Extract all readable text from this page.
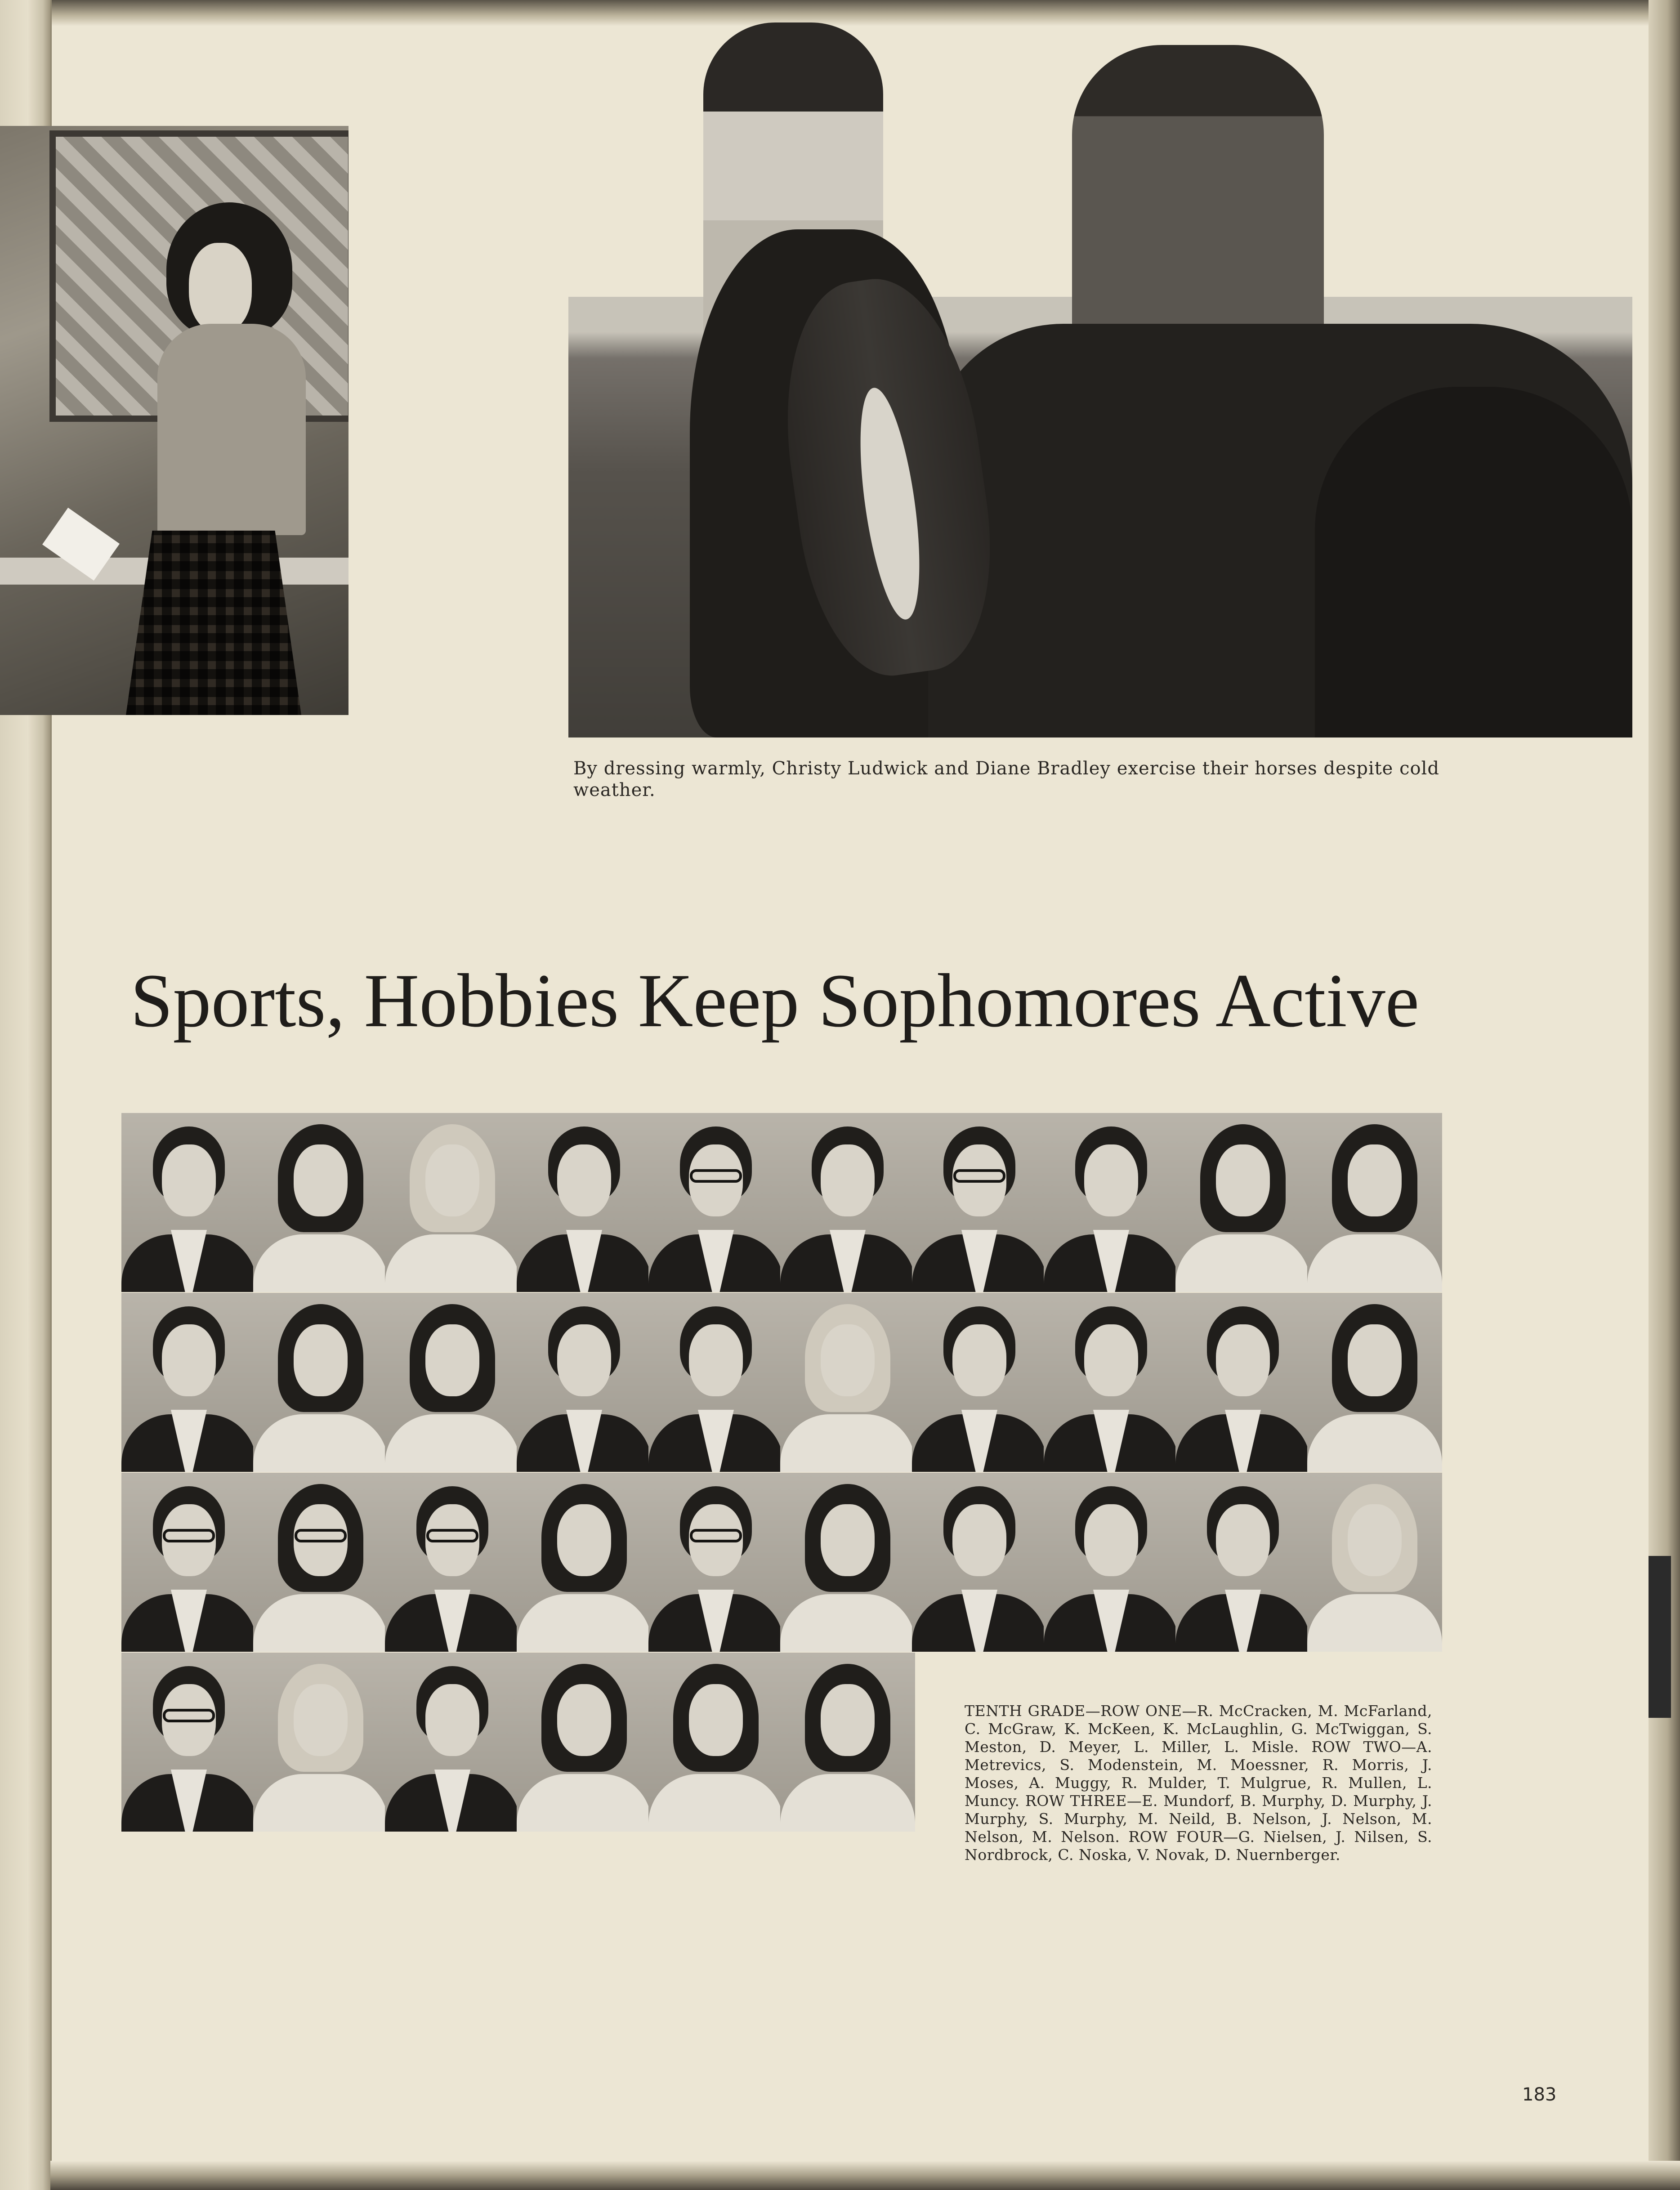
By dressing warmly, Christy Ludwick and Diane Bradley exercise their horses despite cold weather.
Sports, Hobbies Keep Sophomores Active
TENTH GRADE—ROW ONE—R. McCracken, M. McFarland, C. McGraw, K. McKeen, K. McLaughlin, G. McTwiggan, S. Meston, D. Meyer, L. Miller, L. Misle. ROW TWO—A. Metrevics, S. Modenstein, M. Moessner, R. Morris, J. Moses, A. Muggy, R. Mulder, T. Mulgrue, R. Mullen, L. Muncy. ROW THREE—E. Mundorf, B. Murphy, D. Murphy, J. Murphy, S. Murphy, M. Neild, B. Nelson, J. Nelson, M. Nelson, M. Nelson. ROW FOUR—G. Nielsen, J. Nilsen, S. Nordbrock, C. Noska, V. Novak, D. Nuernberger.
183
